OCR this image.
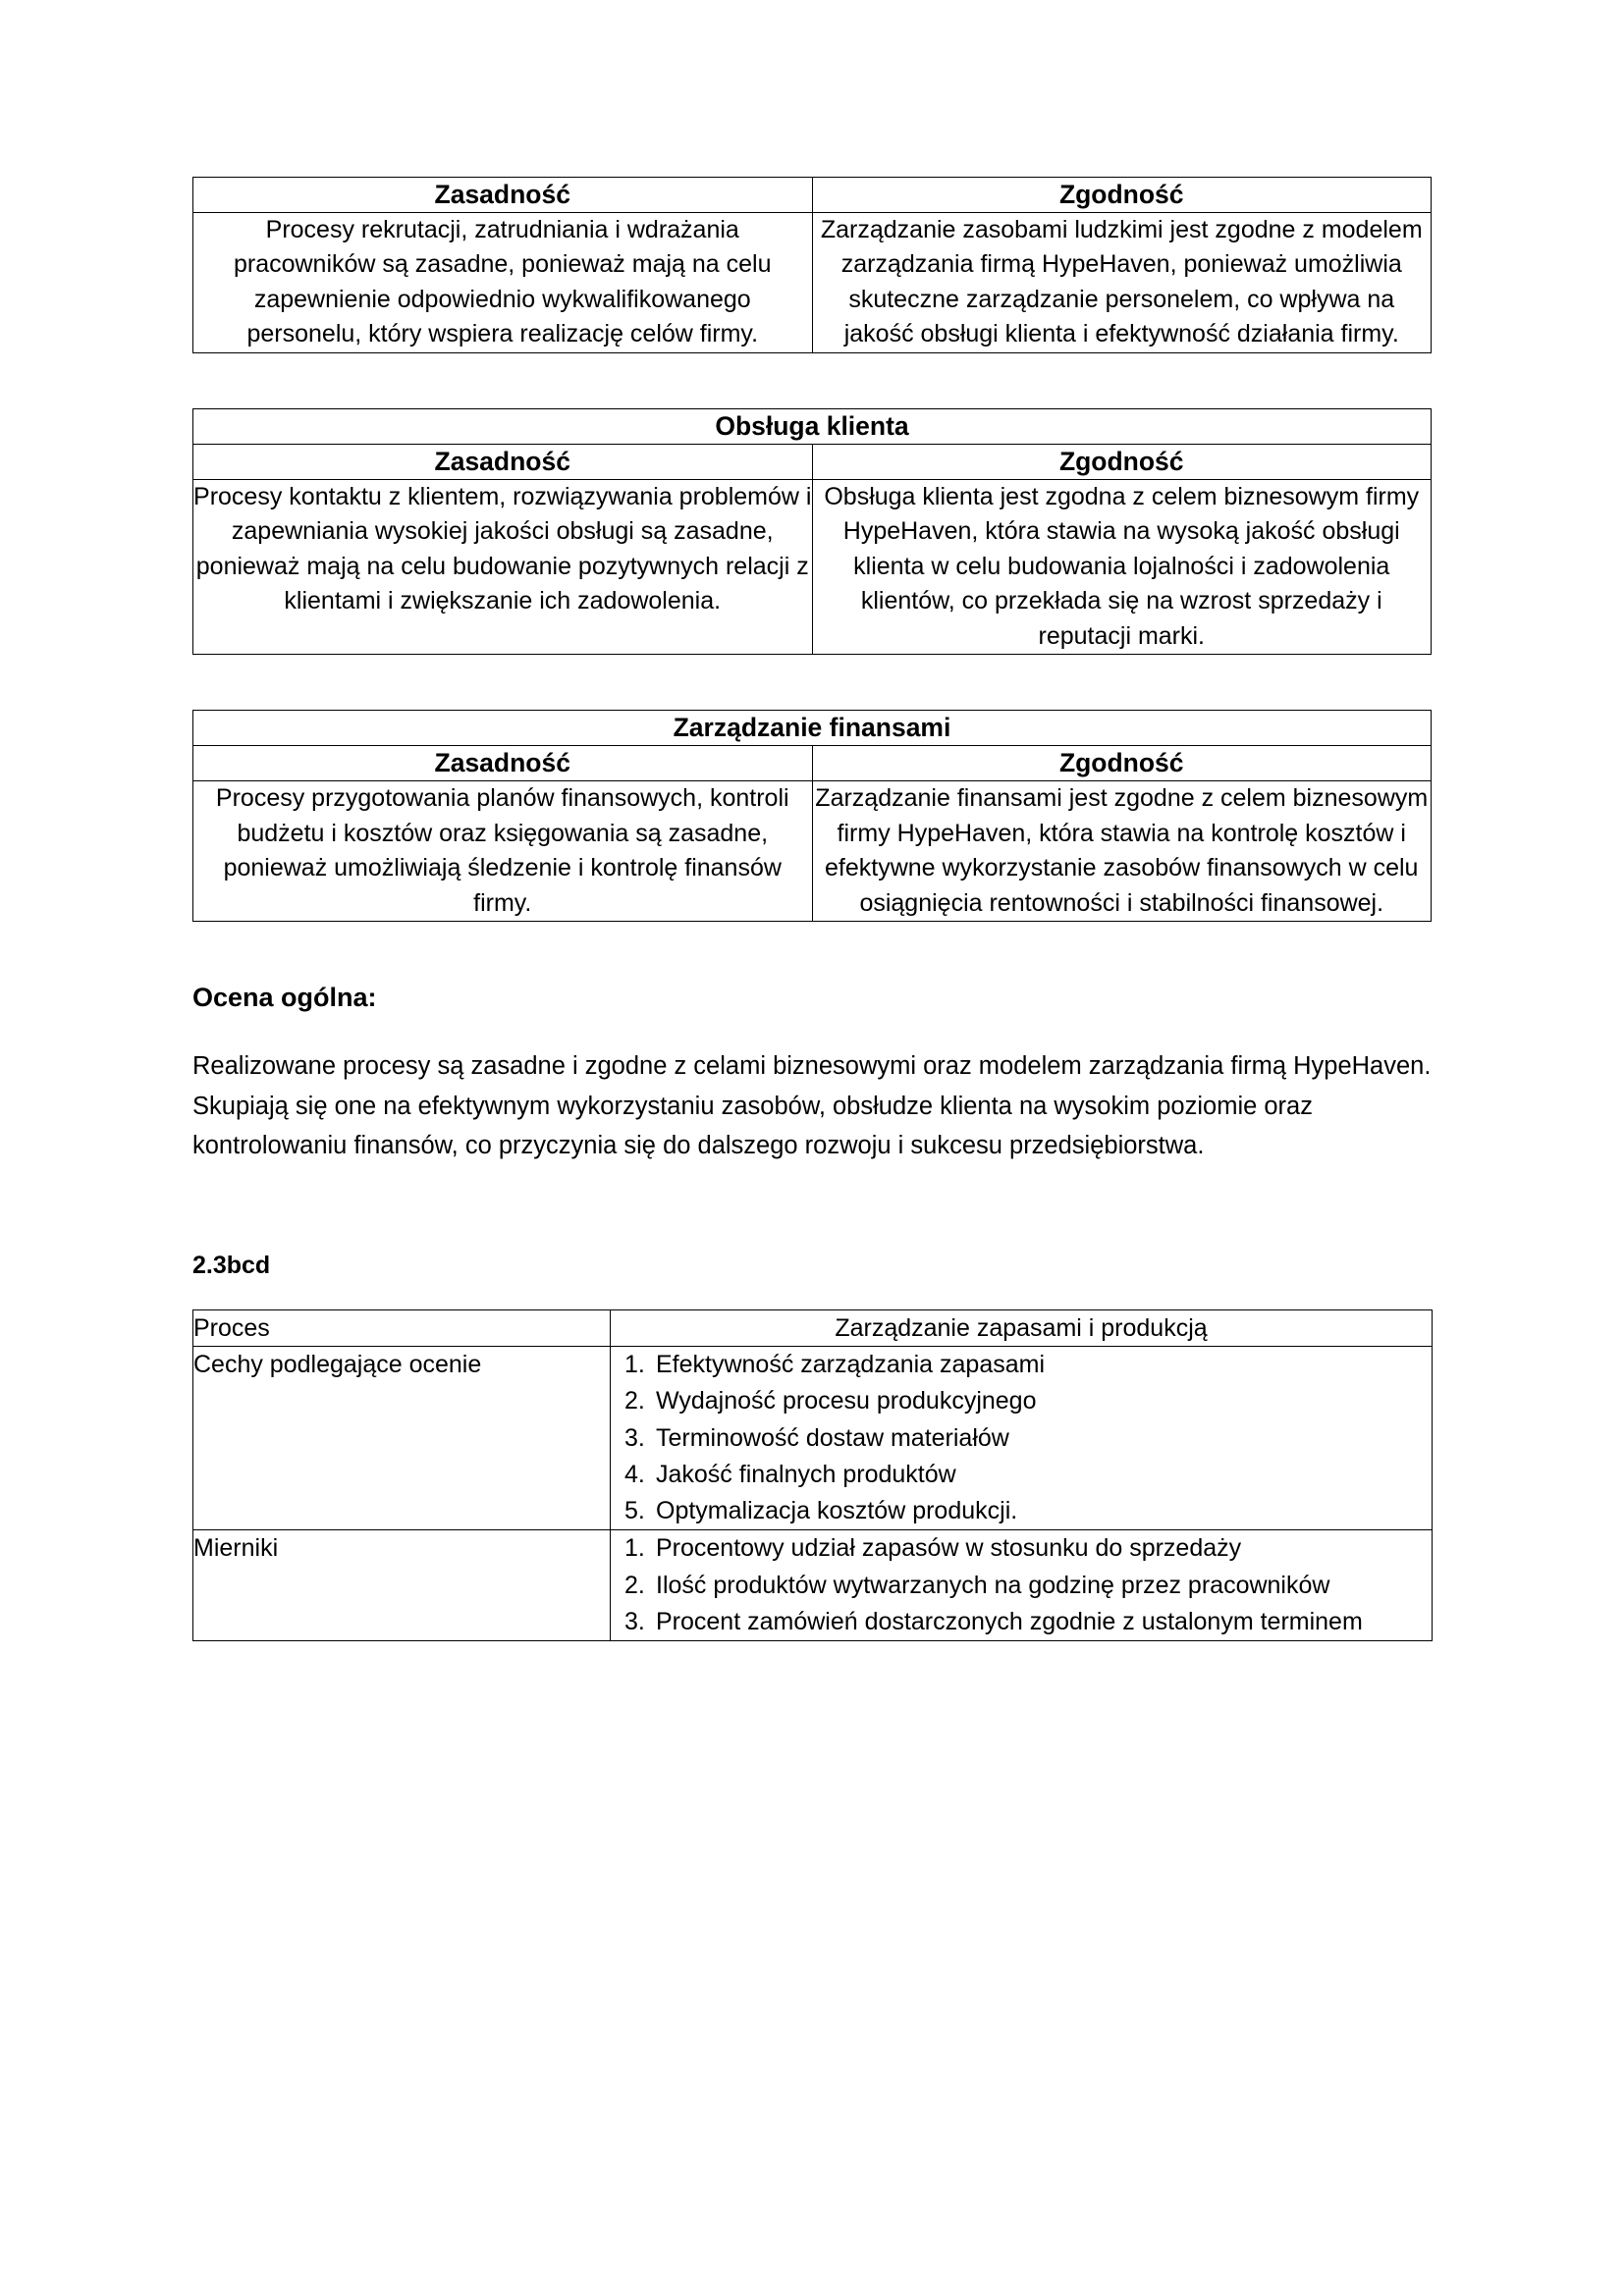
Zasadność	Zgodność
Procesy rekrutacji, zatrudniania i wdrażania pracowników są zasadne, ponieważ mają na celu zapewnienie odpowiednio wykwalifikowanego personelu, który wspiera realizację celów firmy.	Zarządzanie zasobami ludzkimi jest zgodne z modelem zarządzania firmą HypeHaven, ponieważ umożliwia skuteczne zarządzanie personelem, co wpływa na jakość obsługi klienta i efektywność działania firmy.
Obsługa klienta	
Zasadność	Zgodność
Procesy kontaktu z klientem, rozwiązywania problemów i zapewniania wysokiej jakości obsługi są zasadne, ponieważ mają na celu budowanie pozytywnych relacji z klientami i zwiększanie ich zadowolenia.	Obsługa klienta jest zgodna z celem biznesowym firmy HypeHaven, która stawia na wysoką jakość obsługi klienta w celu budowania lojalności i zadowolenia klientów, co przekłada się na wzrost sprzedaży i reputacji marki.
Zarządzanie finansami	
Zasadność	Zgodność
Procesy przygotowania planów finansowych, kontroli budżetu i kosztów oraz księgowania są zasadne, ponieważ umożliwiają śledzenie i kontrolę finansów firmy.	Zarządzanie finansami jest zgodne z celem biznesowym firmy HypeHaven, która stawia na kontrolę kosztów i efektywne wykorzystanie zasobów finansowych w celu osiągnięcia rentowności i stabilności finansowej.
Ocena ogólna:

Realizowane procesy są zasadne i zgodne z celami biznesowymi oraz modelem zarządzania firmą HypeHaven. Skupiają się one na efektywnym wykorzystaniu zasobów, obsłudze klienta na wysokim poziomie oraz kontrolowaniu finansów, co przyczynia się do dalszego rozwoju i sukcesu przedsiębiorstwa.

2.3bcd
Proces	Zarządzanie zapasami i produkcją
Cechy podlegające ocenie	1. Efektywność zarządzania zapasami
2. Wydajność procesu produkcyjnego
3. Terminowość dostaw materiałów
4. Jakość finalnych produktów
5. Optymalizacja kosztów produkcji.

Mierniki	1. Procentowy udział zapasów w stosunku do sprzedaży
2. Ilość produktów wytwarzanych na godzinę przez pracowników
3. Procent zamówień dostarczonych zgodnie z ustalonym terminem
